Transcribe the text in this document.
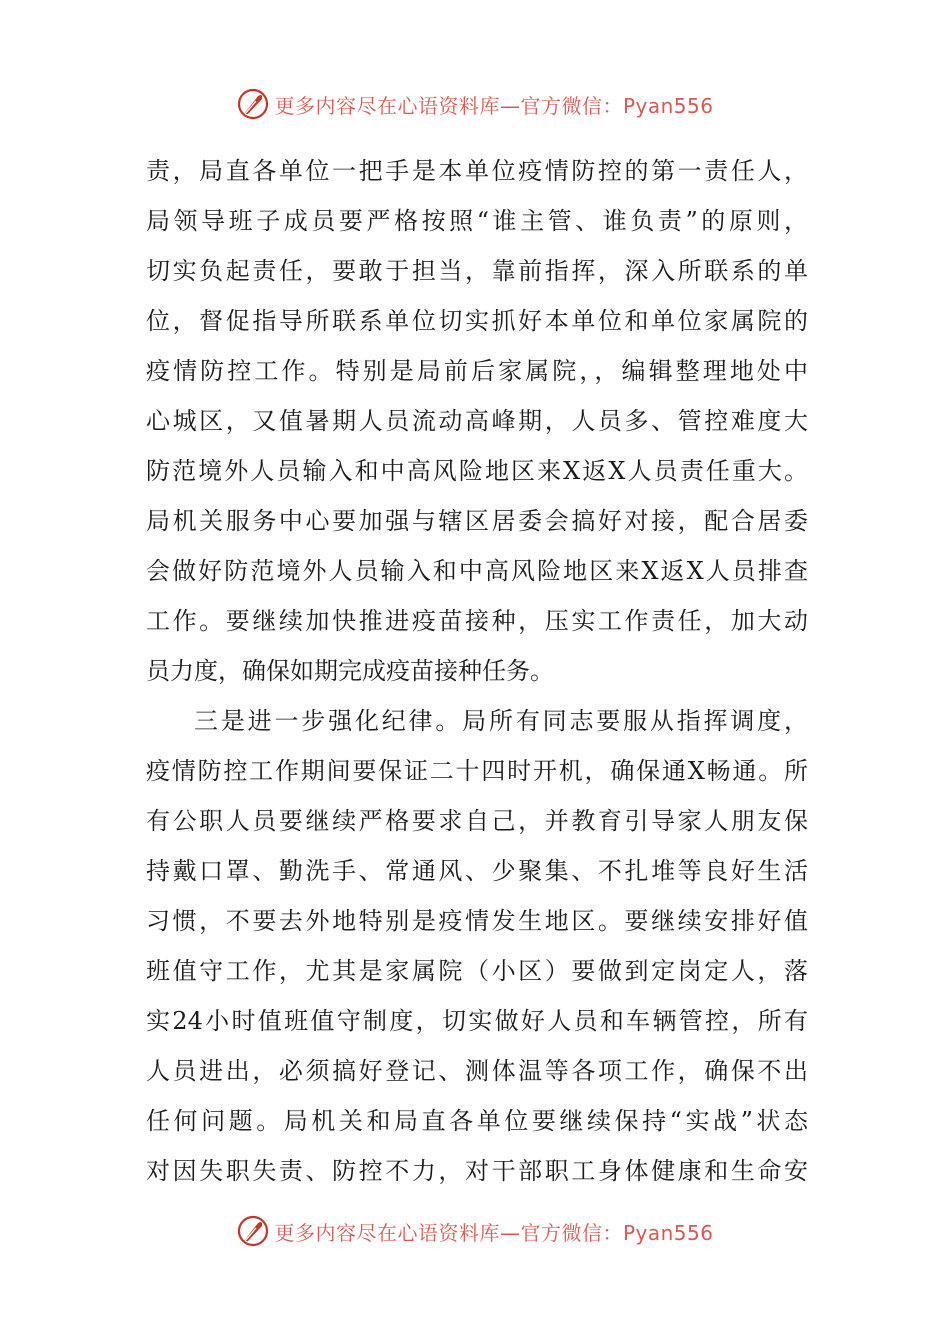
更多内容尽在心语资料库—官方微信：Pyan556
责，局直各单位一把手是本单位疫情防控的第一责任人，
局领导班子成员要严格按照“谁主管、谁负责”的原则，
切实负起责任，要敢于担当，靠前指挥，深入所联系的单
位，督促指导所联系单位切实抓好本单位和单位家属院的
疫情防控工作。特别是局前后家属院，，编辑整理地处中
心城区，又值暑期人员流动高峰期，人员多、管控难度大
防范境外人员输入和中高风险地区来X返X人员责任重大。
局机关服务中心要加强与辖区居委会搞好对接，配合居委
会做好防范境外人员输入和中高风险地区来X返X人员排查
工作。要继续加快推进疫苗接种，压实工作责任，加大动
员力度，确保如期完成疫苗接种任务。
三是进一步强化纪律。局所有同志要服从指挥调度，
疫情防控工作期间要保证二十四时开机，确保通X畅通。所
有公职人员要继续严格要求自己，并教育引导家人朋友保
持戴口罩、勤洗手、常通风、少聚集、不扎堆等良好生活
习惯，不要去外地特别是疫情发生地区。要继续安排好值
班值守工作，尤其是家属院（小区）要做到定岗定人，落
实24小时值班值守制度，切实做好人员和车辆管控，所有
人员进出，必须搞好登记、测体温等各项工作，确保不出
任何问题。局机关和局直各单位要继续保持“实战”状态
对因失职失责、防控不力，对干部职工身体健康和生命安
更多内容尽在心语资料库—官方微信：Pyan556
